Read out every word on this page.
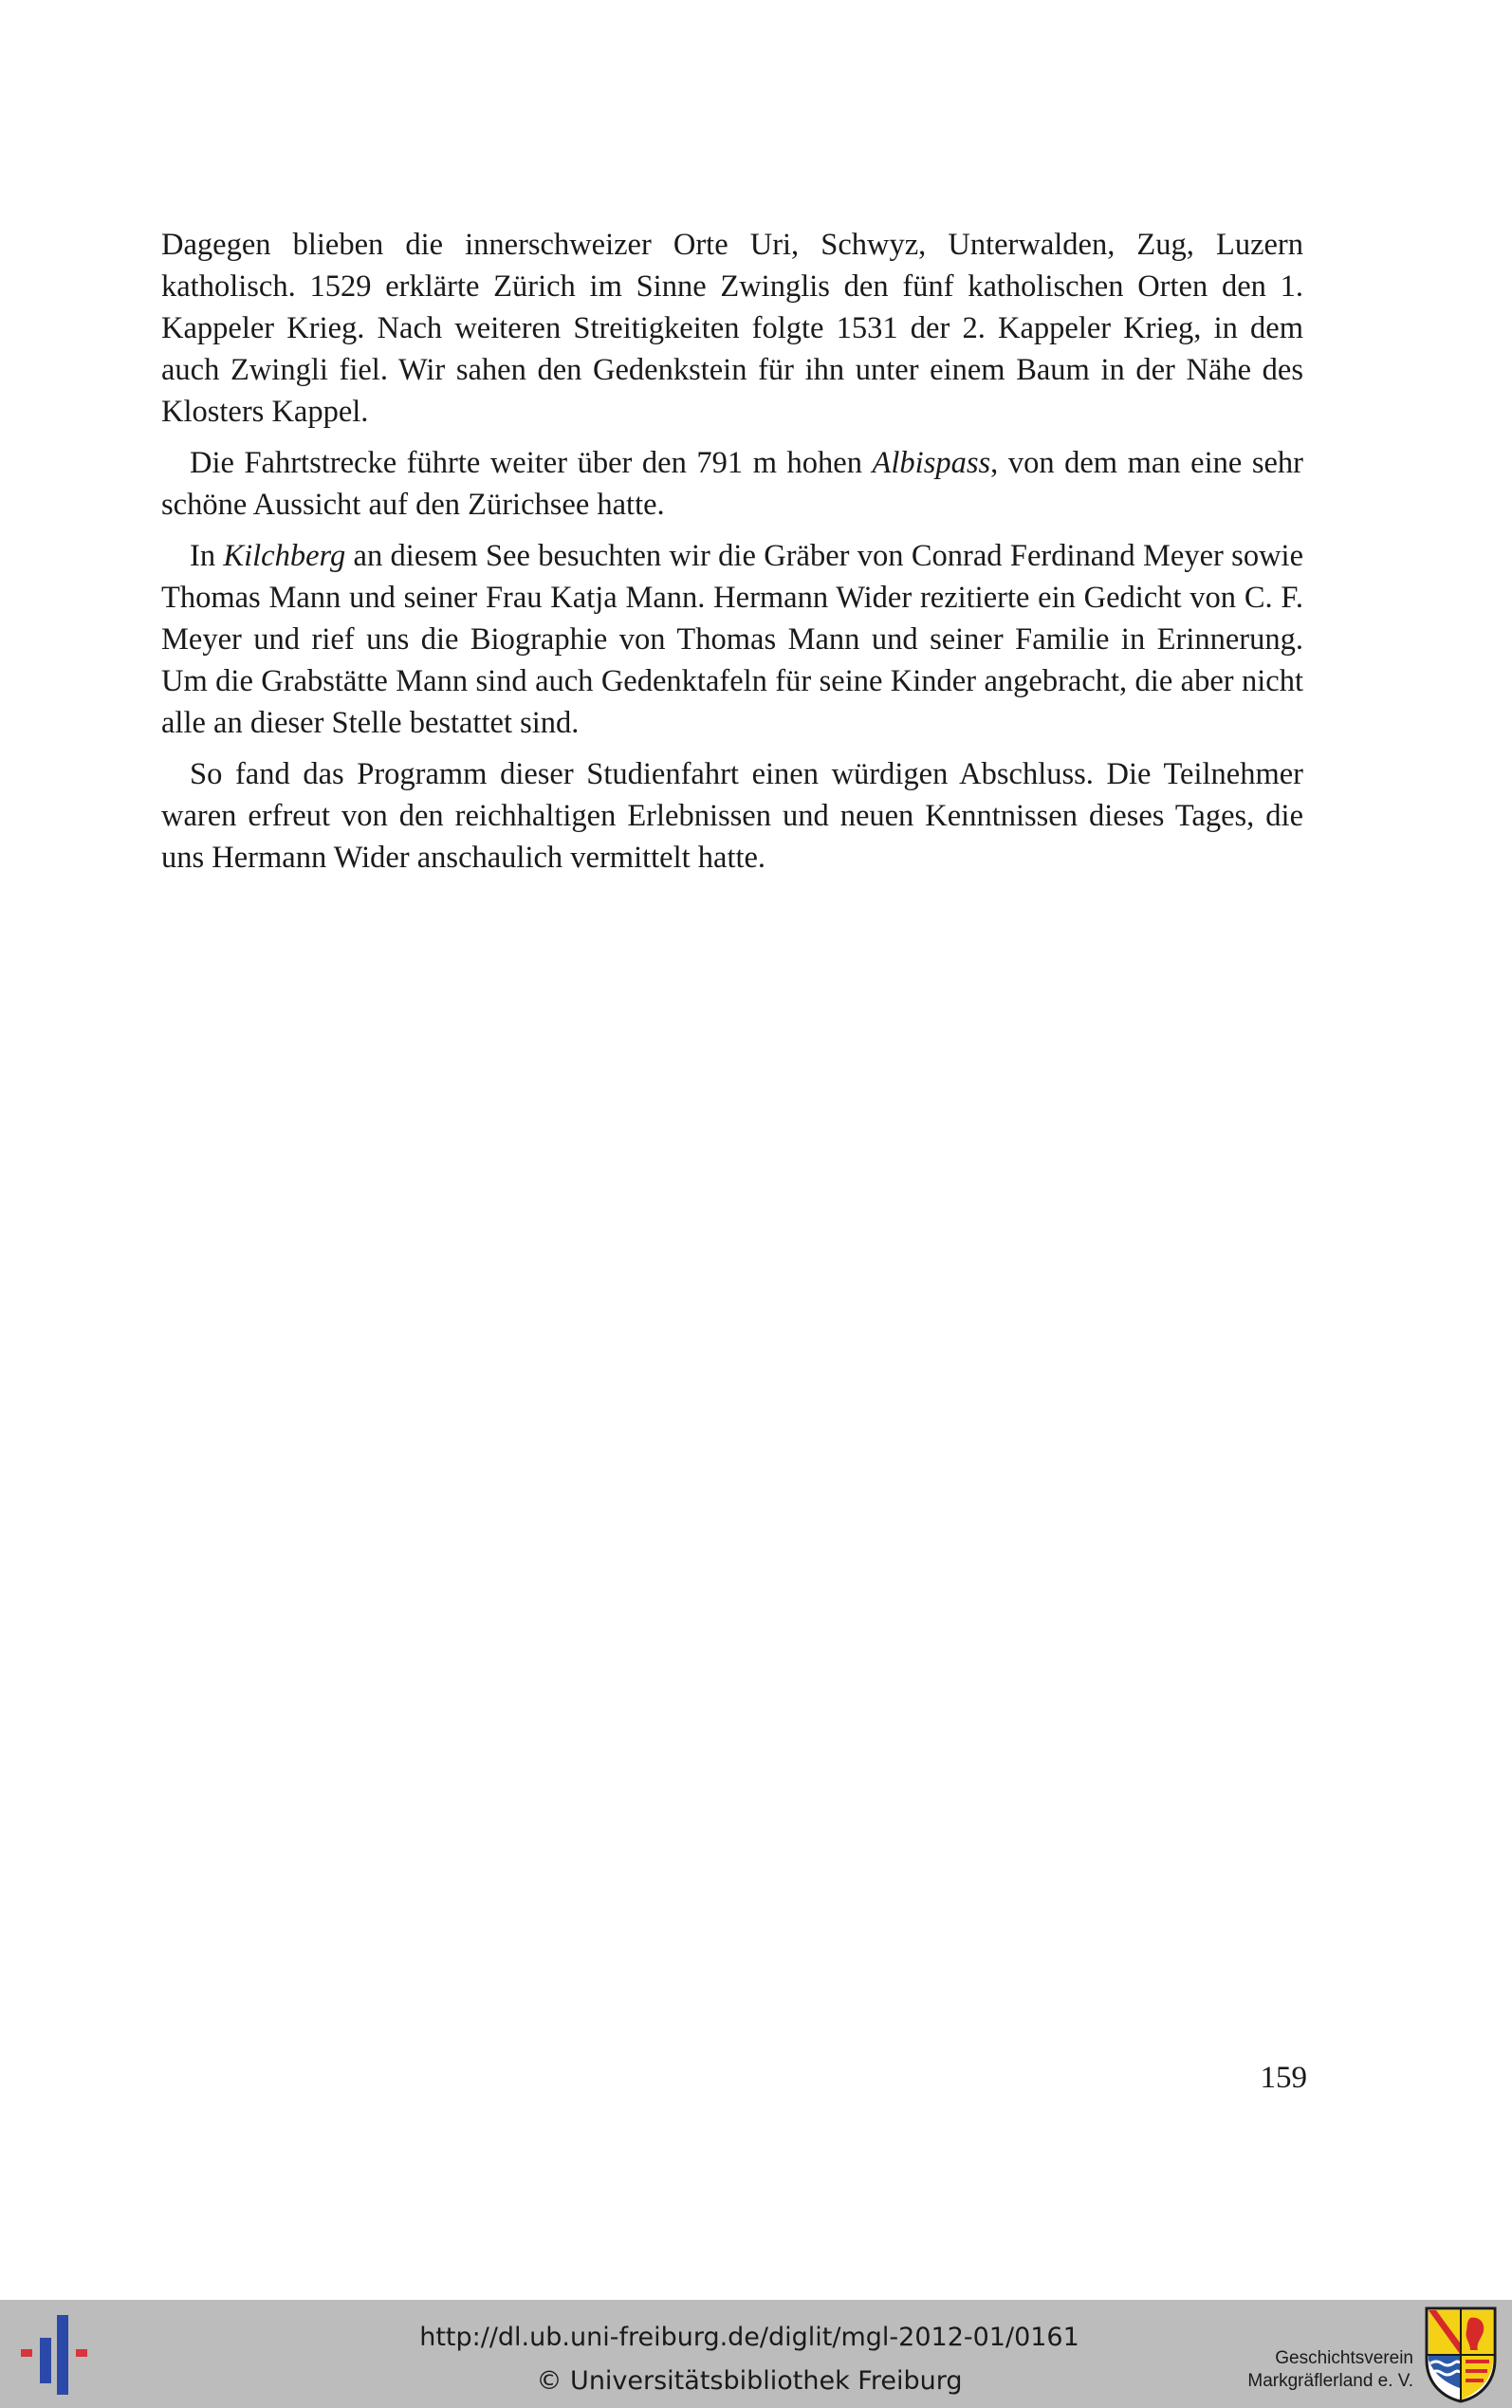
Dagegen blieben die innerschweizer Orte Uri, Schwyz, Unterwalden, Zug, Luzern katholisch. 1529 erklärte Zürich im Sinne Zwinglis den fünf katholischen Orten den 1. Kappeler Krieg. Nach weiteren Streitigkeiten folgte 1531 der 2. Kappeler Krieg, in dem auch Zwingli fiel. Wir sahen den Gedenkstein für ihn unter einem Baum in der Nähe des Klosters Kappel.

Die Fahrtstrecke führte weiter über den 791 m hohen Albispass, von dem man eine sehr schöne Aussicht auf den Zürichsee hatte.

In Kilchberg an diesem See besuchten wir die Gräber von Conrad Ferdinand Meyer sowie Thomas Mann und seiner Frau Katja Mann. Hermann Wider rezitierte ein Gedicht von C. F. Meyer und rief uns die Biographie von Thomas Mann und seiner Familie in Erinnerung. Um die Grabstätte Mann sind auch Gedenktafeln für seine Kinder angebracht, die aber nicht alle an dieser Stelle bestattet sind.

So fand das Programm dieser Studienfahrt einen würdigen Abschluss. Die Teilnehmer waren erfreut von den reichhaltigen Erlebnissen und neuen Kenntnissen dieses Tages, die uns Hermann Wider anschaulich vermittelt hatte.

159
http://dl.ub.uni-freiburg.de/diglit/mgl-2012-01/0161
© Universitätsbibliothek Freiburg
Geschichtsverein
Markgräflerland e. V.
